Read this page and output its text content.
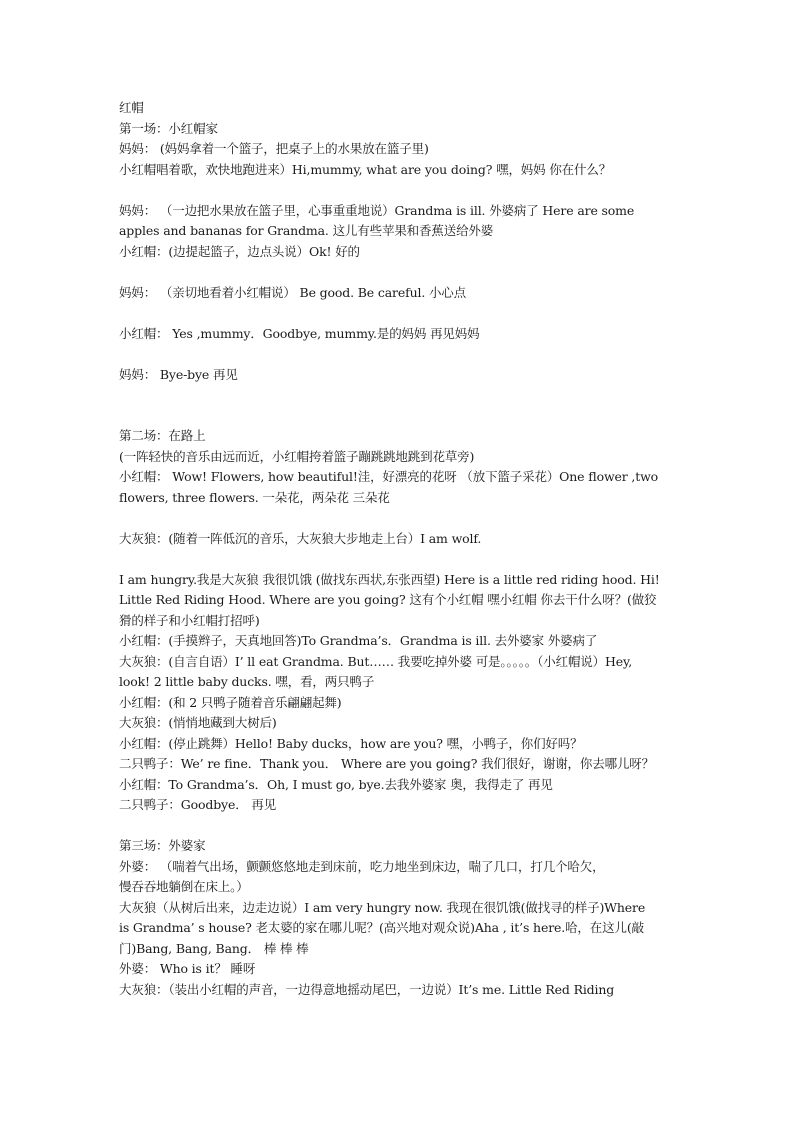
红帽
第一场：小红帽家
妈妈： (妈妈拿着一个篮子，把桌子上的水果放在篮子里)
小红帽唱着歌，欢快地跑进来）Hi,mummy, what are you doing? 嘿，妈妈 你在什么？
妈妈： （一边把水果放在篮子里，心事重重地说）Grandma is ill. 外婆病了 Here are some
apples and bananas for Grandma. 这儿有些苹果和香蕉送给外婆
小红帽：(边提起篮子，边点头说）Ok! 好的
妈妈： （亲切地看着小红帽说） Be good. Be careful. 小心点
小红帽： Yes ,mummy．Goodbye, mummy.是的妈妈 再见妈妈
妈妈： Bye-bye 再见
第二场：在路上
(一阵轻快的音乐由远而近，小红帽挎着篮子蹦跳跳地跳到花草旁)
小红帽： Wow! Flowers, how beautiful!洼，好漂亮的花呀 （放下篮子采花）One flower ,two
flowers, three flowers. 一朵花，两朵花 三朵花
大灰狼：(随着一阵低沉的音乐，大灰狼大步地走上台）I am wolf.
I am hungry.我是大灰狼 我很饥饿 (做找东西状,东张西望) Here is a little red riding hood. Hi!
Little Red Riding Hood. Where are you going? 这有个小红帽 嘿小红帽 你去干什么呀？(做狡
猾的样子和小红帽打招呼)
小红帽：(手摸辫子，天真地回答)To Grandma’s．Grandma is ill. 去外婆家 外婆病了
大灰狼：(自言自语）I’ ll eat Grandma. But…… 我要吃掉外婆 可是。。。。。（小红帽说）Hey,
look! 2 little baby ducks. 嘿，看，两只鸭子
小红帽：(和 2 只鸭子随着音乐翩翩起舞)
大灰狼：(悄悄地藏到大树后)
小红帽：(停止跳舞）Hello! Baby ducks，how are you? 嘿，小鸭子，你们好吗？
二只鸭子：We’ re fine．Thank you． Where are you going? 我们很好，谢谢，你去哪儿呀？
小红帽：To Grandma’s．Oh, I must go, bye.去我外婆家 奥，我得走了 再见
二只鸭子：Goodbye． 再见
第三场：外婆家
外婆： （喘着气出场，颤颤悠悠地走到床前，吃力地坐到床边，喘了几口，打几个哈欠，
慢吞吞地躺倒在床上。）
大灰狼（从树后出来，边走边说）I am very hungry now. 我现在很饥饿(做找寻的样子)Where
is Grandma’ s house? 老太婆的家在哪儿呢？(高兴地对观众说)Aha , it’s here.哈，在这儿(敲
门)Bang, Bang, Bang． 棒 棒 棒
外婆： Who is it？ 睡呀
大灰狼：（装出小红帽的声音，一边得意地摇动尾巴，一边说）It’s me. Little Red Riding
